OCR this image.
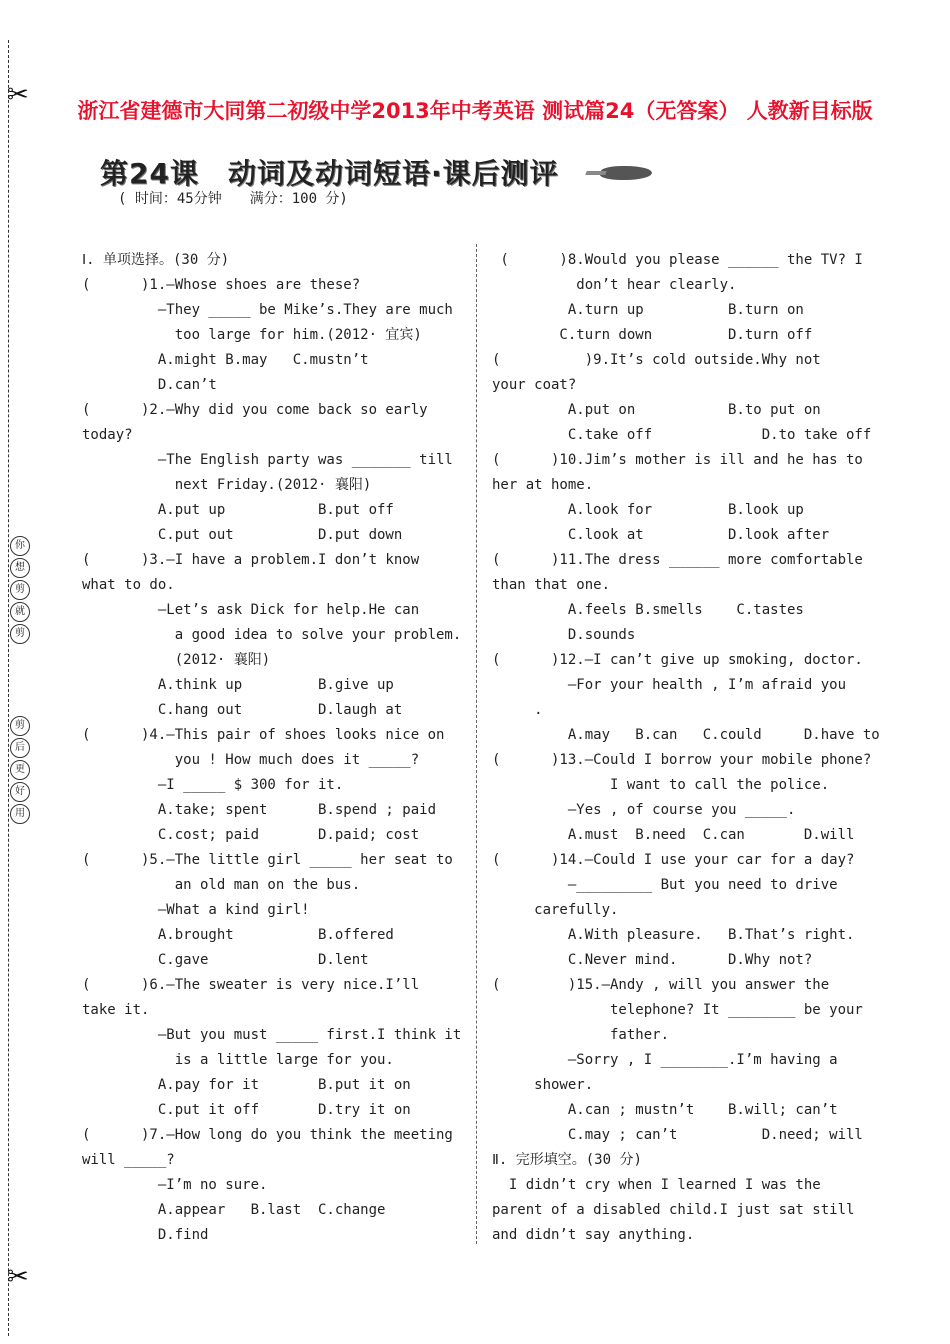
✂
你
想
剪
就
剪
剪
后
更
好
用
✂
浙江省建德市大同第二初级中学2013年中考英语 测试篇24（无答案） 人教新目标版
第24课　动词及动词短语·课后测评
( 时间：45分钟　　满分：100 分)
Ⅰ. 单项选择。(30 分)
(      )1.—Whose shoes are these?
—They _____ be Mike’s.They are much
too large for him.(2012· 宜宾)
A.might B.may   C.mustn’t
D.can’t
(      )2.—Why did you come back so early
today?
—The English party was _______ till
next Friday.(2012· 襄阳)
A.put up           B.put off
C.put out          D.put down
(      )3.—I have a problem.I don’t know
what to do.
—Let’s ask Dick for help.He can
a good idea to solve your problem.
(2012· 襄阳)
A.think up         B.give up
C.hang out         D.laugh at
(      )4.—This pair of shoes looks nice on
you ! How much does it _____?
—I _____ $ 300 for it.
A.take; spent      B.spend ; paid
C.cost; paid       D.paid; cost
(      )5.—The little girl _____ her seat to
an old man on the bus.
—What a kind girl!
A.brought          B.offered
C.gave             D.lent
(      )6.—The sweater is very nice.I’ll
take it.
—But you must _____ first.I think it
is a little large for you.
A.pay for it       B.put it on
C.put it off       D.try it on
(      )7.—How long do you think the meeting
will _____?
—I’m no sure.
A.appear   B.last  C.change
D.find
(      )8.Would you please ______ the TV? I
don’t hear clearly.
A.turn up          B.turn on
C.turn down         D.turn off
(          )9.It’s cold outside.Why not
your coat?
A.put on           B.to put on
C.take off             D.to take off
(      )10.Jim’s mother is ill and he has to
her at home.
A.look for         B.look up
C.look at          D.look after
(      )11.The dress ______ more comfortable
than that one.
A.feels B.smells    C.tastes
D.sounds
(      )12.—I can’t give up smoking, doctor.
—For your health , I’m afraid you
.
A.may   B.can   C.could     D.have to
(      )13.—Could I borrow your mobile phone?
I want to call the police.
—Yes , of course you _____.
A.must  B.need  C.can       D.will
(      )14.—Could I use your car for a day?
—_________ But you need to drive
carefully.
A.With pleasure.   B.That’s right.
C.Never mind.      D.Why not?
(        )15.—Andy , will you answer the
telephone? It ________ be your
father.
—Sorry , I ________.I’m having a
shower.
A.can ; mustn’t    B.will; can’t
C.may ; can’t          D.need; will
Ⅱ. 完形填空。(30 分)
I didn’t cry when I learned I was the
parent of a disabled child.I just sat still
and didn’t say anything.
